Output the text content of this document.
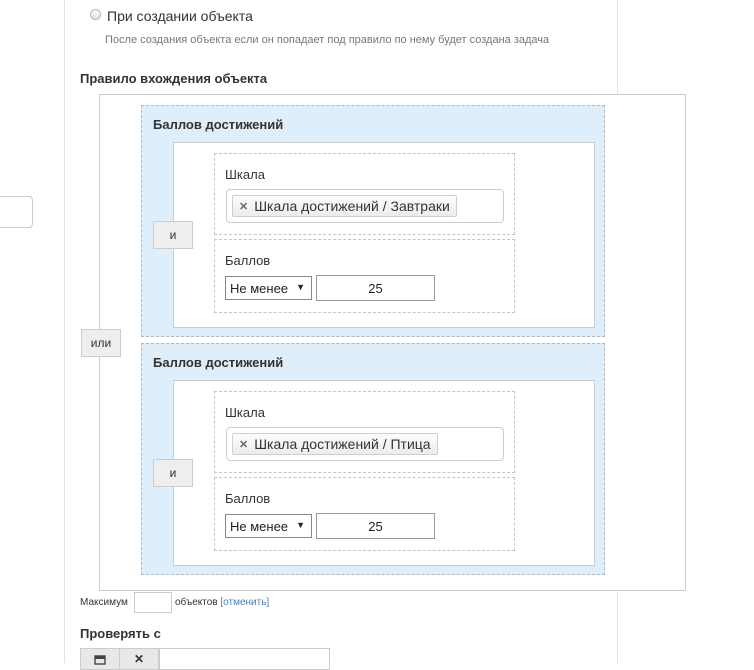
При создании объекта
После создания объекта если он попадает под правило по нему будет создана задача
Правило вхождения объекта
или
Баллов достижений
и
Шкала
✕ Шкала достижений / Завтраки
Баллов
Не менее ▼	25
Баллов достижений
и
Шкала
✕ Шкала достижений / Птица
Баллов
Не менее ▼	25
Максимум	объектов [отменить]
Проверять с
✕
